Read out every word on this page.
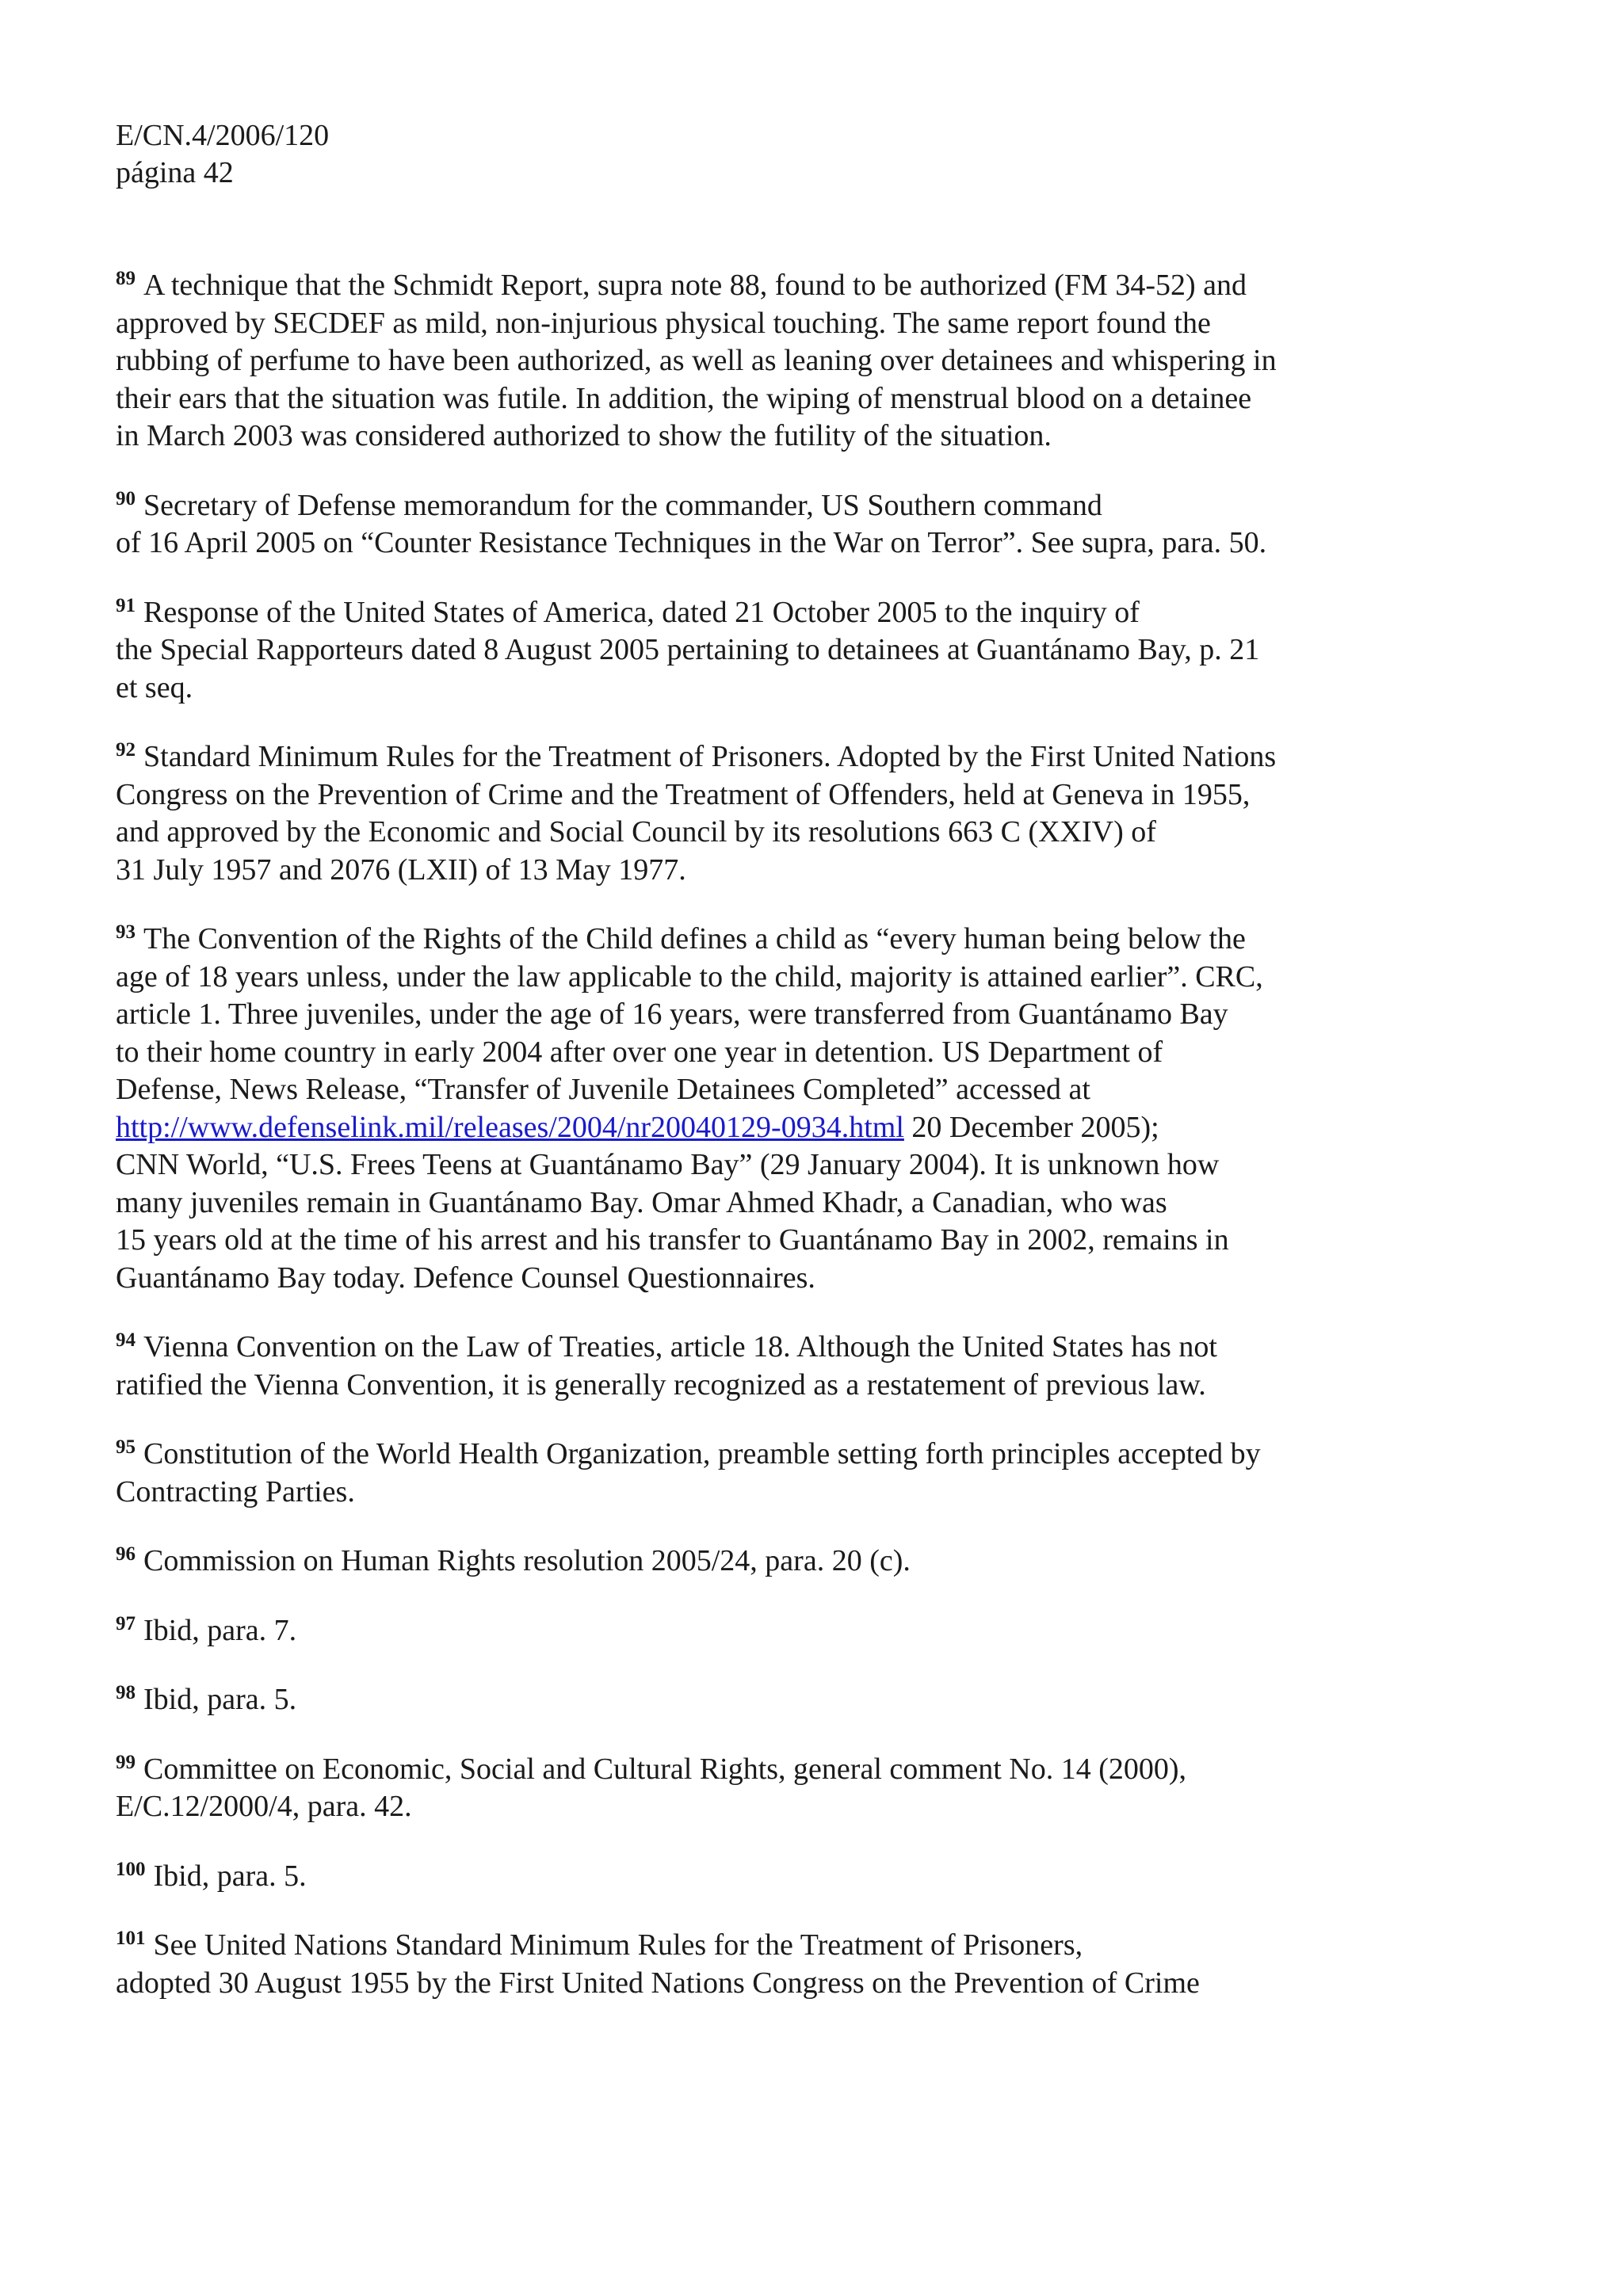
E/CN.4/2006/120
página 42
$^{89}$ A technique that the Schmidt Report, supra note 88, found to be authorized (FM 34-52) and
approved by SECDEF as mild, non-injurious physical touching. The same report found the
rubbing of perfume to have been authorized, as well as leaning over detainees and whispering in
their ears that the situation was futile. In addition, the wiping of menstrual blood on a detainee
in March 2003 was considered authorized to show the futility of the situation.
$^{90}$ Secretary of Defense memorandum for the commander, US Southern command
of 16 April 2005 on “Counter Resistance Techniques in the War on Terror”. See supra, para. 50.
$^{91}$ Response of the United States of America, dated 21 October 2005 to the inquiry of
the Special Rapporteurs dated 8 August 2005 pertaining to detainees at Guantánamo Bay, p. 21
et seq.
$^{92}$ Standard Minimum Rules for the Treatment of Prisoners. Adopted by the First United Nations
Congress on the Prevention of Crime and the Treatment of Offenders, held at Geneva in 1955,
and approved by the Economic and Social Council by its resolutions 663 C (XXIV) of
31 July 1957 and 2076 (LXII) of 13 May 1977.
$^{93}$ The Convention of the Rights of the Child defines a child as “every human being below the
age of 18 years unless, under the law applicable to the child, majority is attained earlier”. CRC,
article 1. Three juveniles, under the age of 16 years, were transferred from Guantánamo Bay
to their home country in early 2004 after over one year in detention. US Department of
Defense, News Release, “Transfer of Juvenile Detainees Completed” accessed at
http://www.defenselink.mil/releases/2004/nr20040129-0934.html 20 December 2005);
CNN World, “U.S. Frees Teens at Guantánamo Bay” (29 January 2004). It is unknown how
many juveniles remain in Guantánamo Bay. Omar Ahmed Khadr, a Canadian, who was
15 years old at the time of his arrest and his transfer to Guantánamo Bay in 2002, remains in
Guantánamo Bay today. Defence Counsel Questionnaires.
$^{94}$ Vienna Convention on the Law of Treaties, article 18. Although the United States has not
ratified the Vienna Convention, it is generally recognized as a restatement of previous law.
$^{95}$ Constitution of the World Health Organization, preamble setting forth principles accepted by
Contracting Parties.
$^{96}$ Commission on Human Rights resolution 2005/24, para. 20 (c).
$^{97}$ Ibid, para. 7.
$^{98}$ Ibid, para. 5.
$^{99}$ Committee on Economic, Social and Cultural Rights, general comment No. 14 (2000),
E/C.12/2000/4, para. 42.
$^{100}$ Ibid, para. 5.
$^{101}$ See United Nations Standard Minimum Rules for the Treatment of Prisoners,
adopted 30 August 1955 by the First United Nations Congress on the Prevention of Crime
